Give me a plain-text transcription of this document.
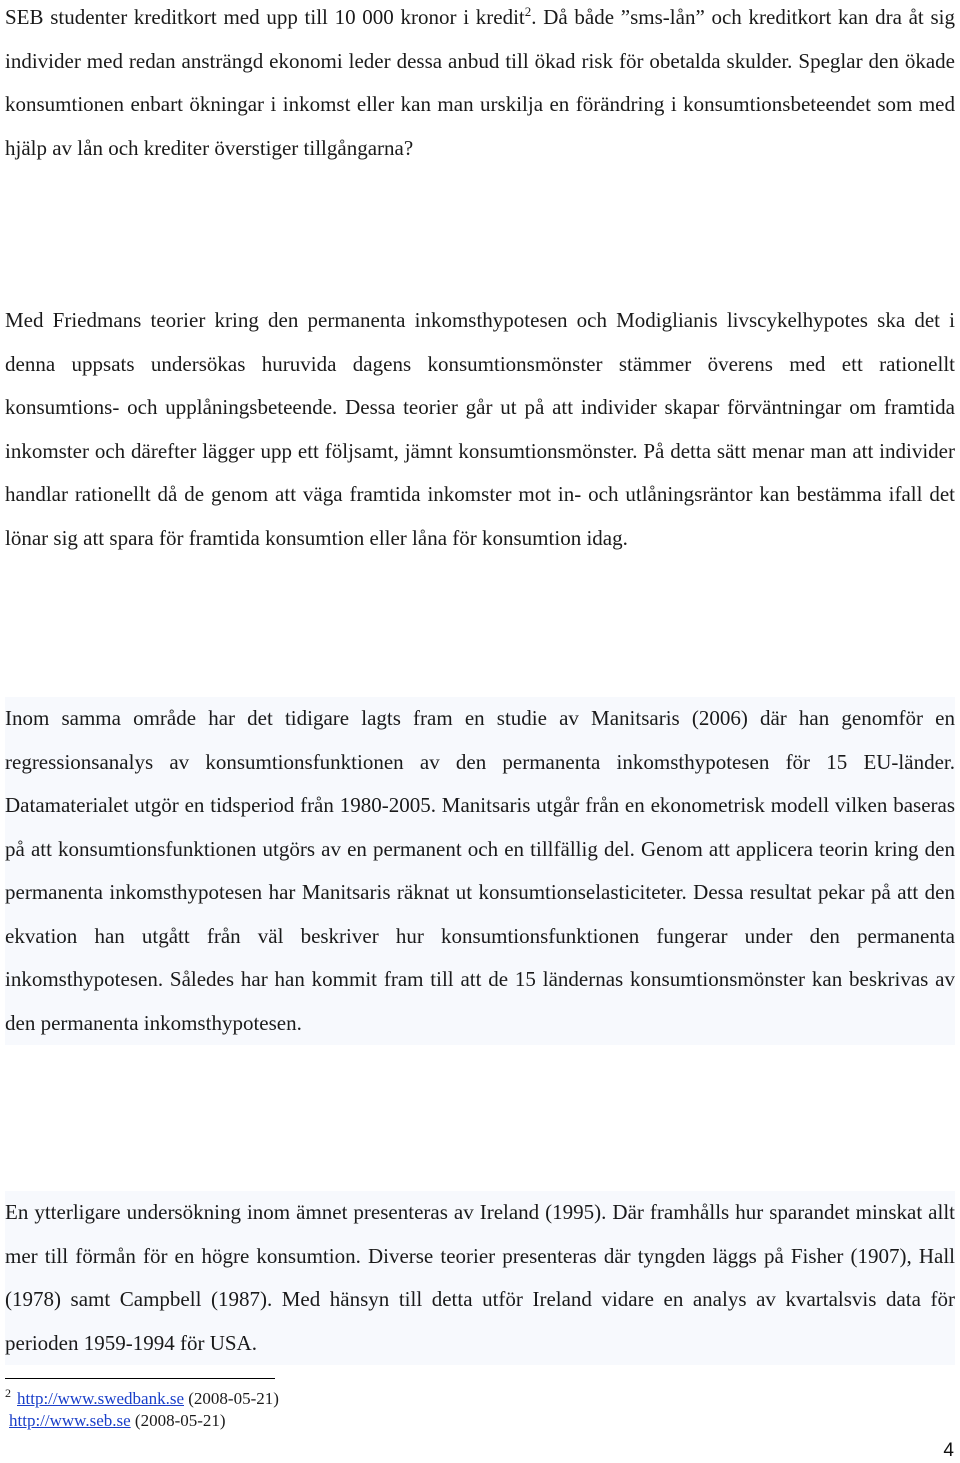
SEB studenter kreditkort med upp till 10 000 kronor i kredit$^2$. Då både ”sms-lån” och kreditkort kan dra åt sig individer med redan ansträngd ekonomi leder dessa anbud till ökad risk för obetalda skulder. Speglar den ökade konsumtionen enbart ökningar i inkomst eller kan man urskilja en förändring i konsumtionsbeteendet som med hjälp av lån och krediter överstiger tillgångarna?

Med Friedmans teorier kring den permanenta inkomsthypotesen och Modiglianis livscykelhypotes ska det i denna uppsats undersökas huruvida dagens konsumtionsmönster stämmer överens med ett rationellt konsumtions- och upplåningsbeteende. Dessa teorier går ut på att individer skapar förväntningar om framtida inkomster och därefter lägger upp ett följsamt, jämnt konsumtionsmönster. På detta sätt menar man att individer handlar rationellt då de genom att väga framtida inkomster mot in- och utlåningsräntor kan bestämma ifall det lönar sig att spara för framtida konsumtion eller låna för konsumtion idag.

Inom samma område har det tidigare lagts fram en studie av Manitsaris (2006) där han genomför en regressionsanalys av konsumtionsfunktionen av den permanenta inkomsthypotesen för 15 EU-länder. Datamaterialet utgör en tidsperiod från 1980-2005. Manitsaris utgår från en ekonometrisk modell vilken baseras på att konsumtionsfunktionen utgörs av en permanent och en tillfällig del. Genom att applicera teorin kring den permanenta inkomsthypotesen har Manitsaris räknat ut konsumtionselasticiteter. Dessa resultat pekar på att den ekvation han utgått från väl beskriver hur konsumtionsfunktionen fungerar under den permanenta inkomsthypotesen. Således har han kommit fram till att de 15 ländernas konsumtionsmönster kan beskrivas av den permanenta inkomsthypotesen.

En ytterligare undersökning inom ämnet presenteras av Ireland (1995). Där framhålls hur sparandet minskat allt mer till förmån för en högre konsumtion. Diverse teorier presenteras där tyngden läggs på Fisher (1907), Hall (1978) samt Campbell (1987). Med hänsyn till detta utför Ireland vidare en analys av kvartalsvis data för perioden 1959-1994 för USA.

$^2$ http://www.swedbank.se (2008-05-21)
http://www.seb.se (2008-05-21)
4
